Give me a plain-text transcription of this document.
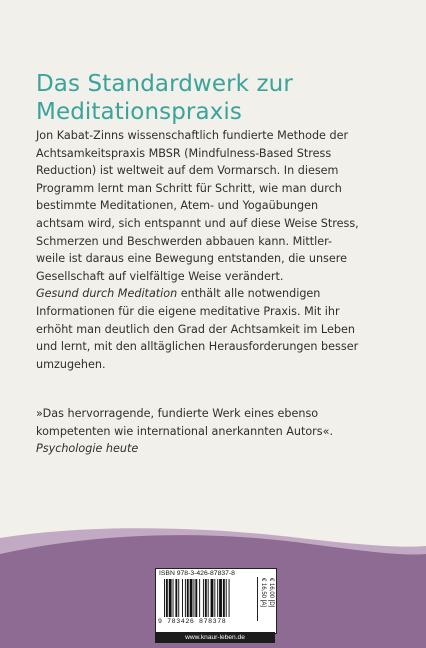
Das Standardwerk zur
Meditationspraxis
Jon Kabat-Zinns wissenschaftlich fundierte Methode der
Achtsamkeitspraxis MBSR (Mindfulness-Based Stress
Reduction) ist weltweit auf dem Vormarsch. In diesem
Programm lernt man Schritt für Schritt, wie man durch
bestimmte Meditationen, Atem- und Yogaübungen
achtsam wird, sich entspannt und auf diese Weise Stress,
Schmerzen und Beschwerden abbauen kann. Mittler-
weile ist daraus eine Bewegung entstanden, die unsere
Gesellschaft auf vielfältige Weise verändert.
Gesund durch Meditation enthält alle notwendigen
Informationen für die eigene meditative Praxis. Mit ihr
erhöht man deutlich den Grad der Achtsamkeit im Leben
und lernt, mit den alltäglichen Herausforderungen besser
umzugehen.
»Das hervorragende, fundierte Werk eines ebenso
kompetenten wie international anerkannten Autors«.
Psychologie heute
ISBN 978-3-426-87837-8
9 783426 878378
€ 16,00 [D]
€ 16,50 [A]
www.knaur-leben.de
